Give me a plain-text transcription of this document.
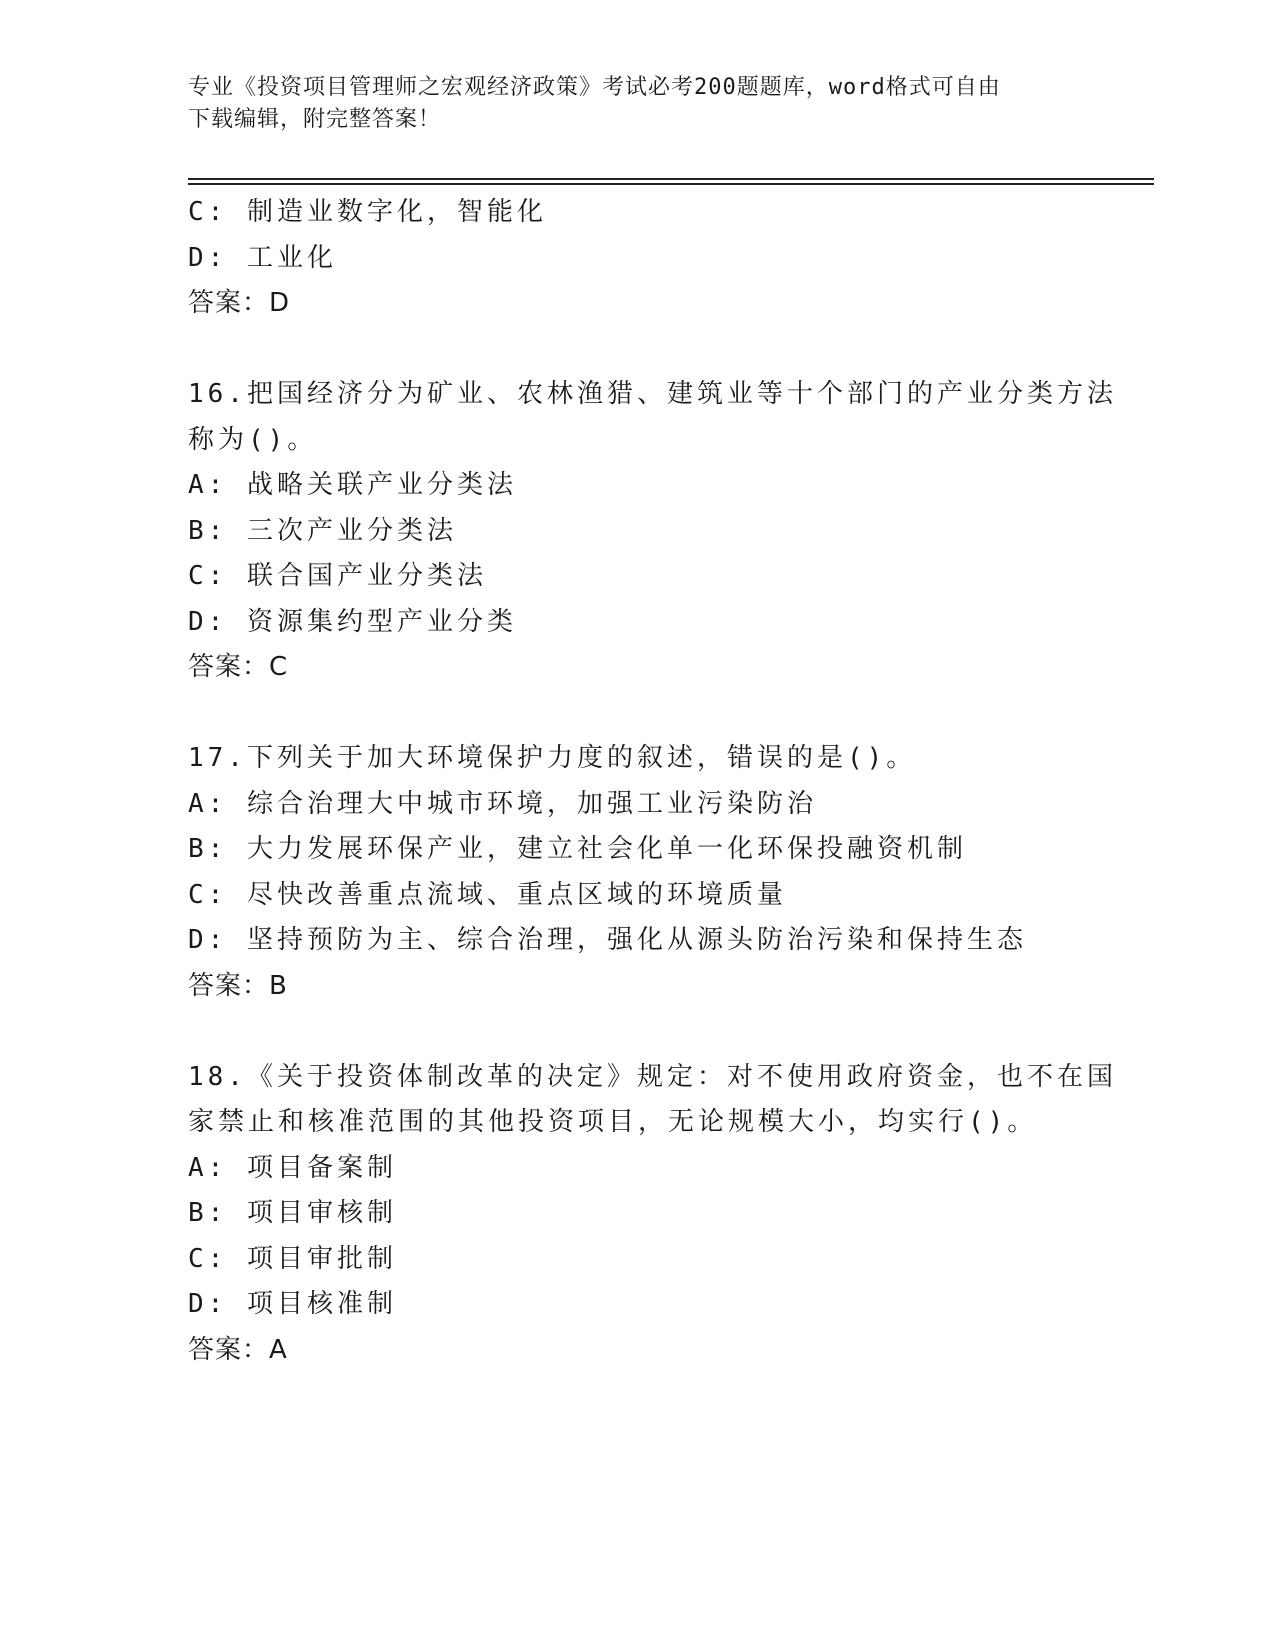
专业《投资项目管理师之宏观经济政策》考试必考200题题库，word格式可自由
下载编辑，附完整答案！
C: 制造业数字化，智能化
D: 工业化
答案：D
16.把国经济分为矿业、农林渔猎、建筑业等十个部门的产业分类方法
称为()。
A: 战略关联产业分类法
B: 三次产业分类法
C: 联合国产业分类法
D: 资源集约型产业分类
答案：C
17.下列关于加大环境保护力度的叙述，错误的是()。
A: 综合治理大中城市环境，加强工业污染防治
B: 大力发展环保产业，建立社会化单一化环保投融资机制
C: 尽快改善重点流域、重点区域的环境质量
D: 坚持预防为主、综合治理，强化从源头防治污染和保持生态
答案：B
18.《关于投资体制改革的决定》规定：对不使用政府资金，也不在国
家禁止和核准范围的其他投资项目，无论规模大小，均实行()。
A: 项目备案制
B: 项目审核制
C: 项目审批制
D: 项目核准制
答案：A
